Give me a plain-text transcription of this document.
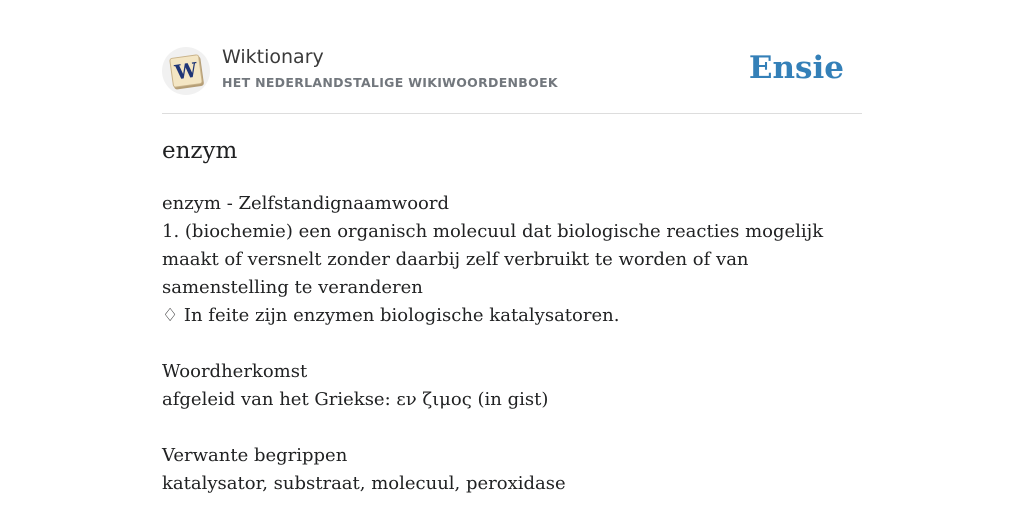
W
Wiktionary
HET NEDERLANDSTALIGE WIKIWOORDENBOEK	Ensie
enzym
enzym - Zelfstandignaamwoord
1. (biochemie) een organisch molecuul dat biologische reacties mogelijk maakt of versnelt zonder daarbij zelf verbruikt te worden of van samenstelling te veranderen
♢ In feite zijn enzymen biologische katalysatoren.
Woordherkomst
afgeleid van het Griekse: εν ζιμος (in gist)
Verwante begrippen
katalysator, substraat, molecuul, peroxidase
